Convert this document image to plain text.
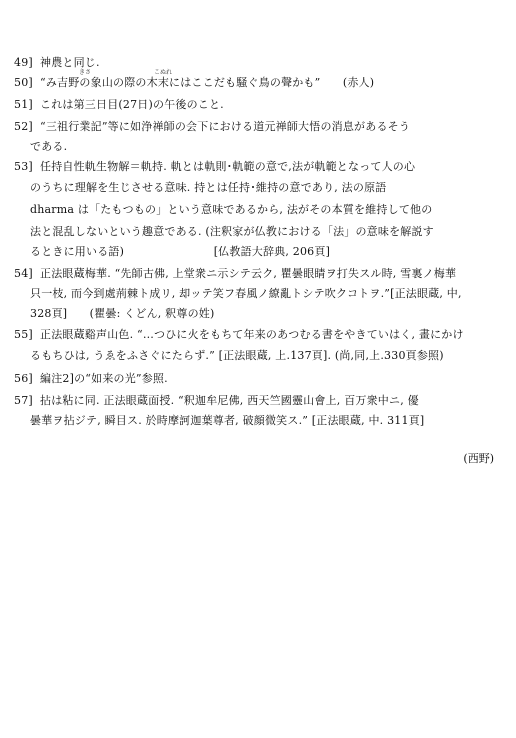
49] 神農と同じ.
きさ	こぬれ
50] “み吉野の象山の際の木末にはここだも騒ぐ鳥の聲かも”　　(赤人)
51] これは第三日目(27日)の午後のこと.
52] “三祖行業記”等に如浄禅師の会下における道元禅師大悟の消息があるそう
である.
53] 任持自性軌生物解＝軌持. 軌とは軌則･軌範の意で,法が軌範となって人の心
のうちに理解を生じさせる意味. 持とは任持･維持の意であり, 法の原語
dharma は「たもつもの」という意味であるから, 法がその本質を維持して他の
法と混乱しないという趣意である. (注釈家が仏教における「法」の意味を解説す
るときに用いる語)　　　　　　　　[仏教語大辞典, 206頁]
54] 正法眼蔵梅華. “先師古佛, 上堂衆ニ示シテ云ク, 瞿曇眼睛ヲ打失スル時, 雪裏ノ梅華
只一枝, 而今到處荊棘ト成リ, 却ッテ笑フ春風ノ繚亂トシテ吹クコトヲ.”[正法眼蔵, 中,
328頁]　　(瞿曇: くどん, 釈尊の姓)
55] 正法眼蔵谿声山色. “…つひに火をもちて年来のあつむる書をやきていはく, 畫にかけ
るもちひは, うゑをふさぐにたらず.” [正法眼蔵, 上.137頁]. (尚,同,上.330頁参照)
56] 編注2]の“如来の光”参照.
57] 拈は粘に同. 正法眼蔵面授. “釈迦牟尼佛, 西天竺國靈山會上, 百万衆中ニ, 優
曇華ヲ拈ジテ, 瞬目ス. 於時摩訶迦葉尊者, 破顔微笑ス.” [正法眼蔵, 中. 311頁]
(西野)
